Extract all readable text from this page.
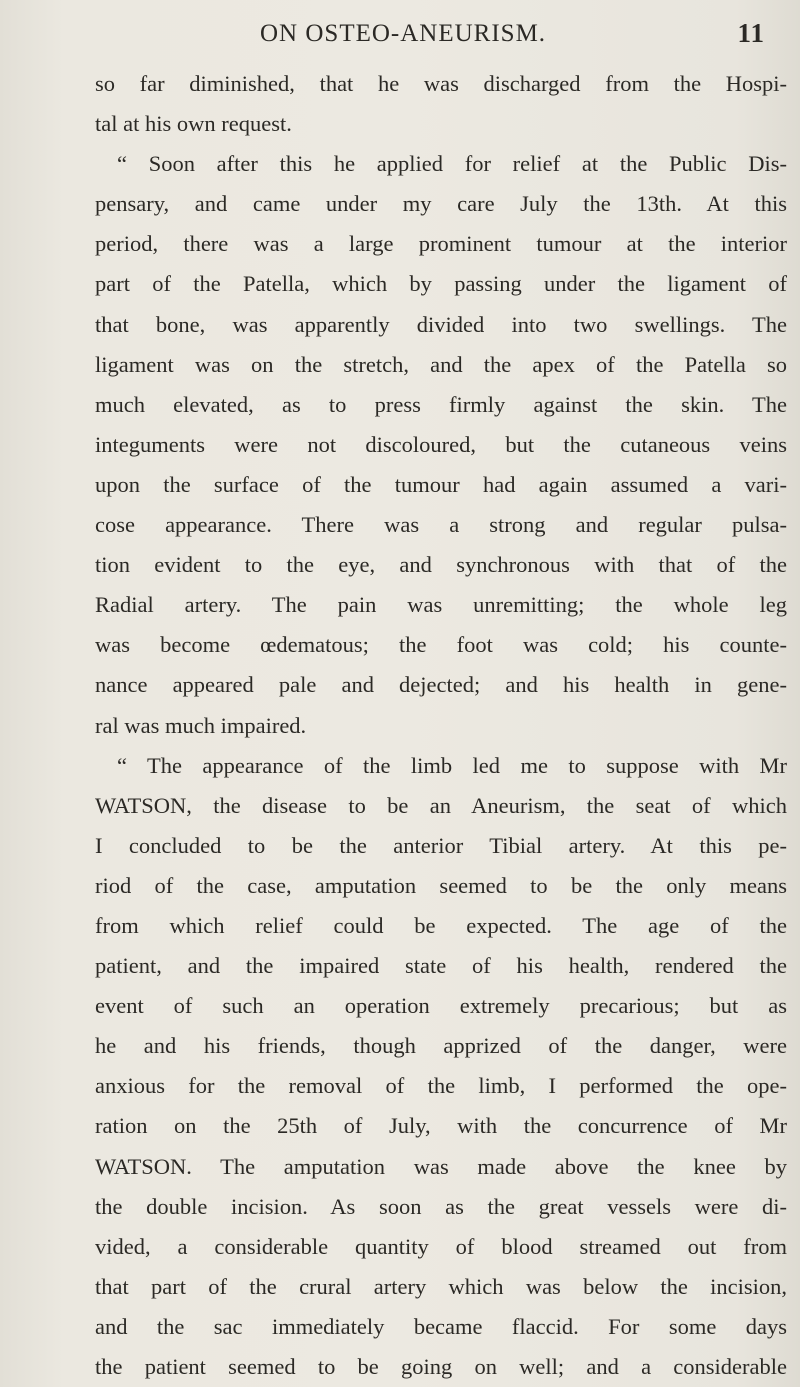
ON OSTEO-ANEURISM.	11
so far diminished, that he was discharged from the Hospi-
tal at his own request.
“ Soon after this he applied for relief at the Public Dis-
pensary, and came under my care July the 13th. At this
period, there was a large prominent tumour at the interior
part of the Patella, which by passing under the ligament of
that bone, was apparently divided into two swellings. The
ligament was on the stretch, and the apex of the Patella so
much elevated, as to press firmly against the skin. The
integuments were not discoloured, but the cutaneous veins
upon the surface of the tumour had again assumed a vari-
cose appearance. There was a strong and regular pulsa-
tion evident to the eye, and synchronous with that of the
Radial artery. The pain was unremitting; the whole leg
was become œdematous; the foot was cold; his counte-
nance appeared pale and dejected; and his health in gene-
ral was much impaired.
“ The appearance of the limb led me to suppose with Mr
WATSON, the disease to be an Aneurism, the seat of which
I concluded to be the anterior Tibial artery. At this pe-
riod of the case, amputation seemed to be the only means
from which relief could be expected. The age of the
patient, and the impaired state of his health, rendered the
event of such an operation extremely precarious; but as
he and his friends, though apprized of the danger, were
anxious for the removal of the limb, I performed the ope-
ration on the 25th of July, with the concurrence of Mr
WATSON. The amputation was made above the knee by
the double incision. As soon as the great vessels were di-
vided, a considerable quantity of blood streamed out from
that part of the crural artery which was below the incision,
and the sac immediately became flaccid. For some days
the patient seemed to be going on well; and a considerable
